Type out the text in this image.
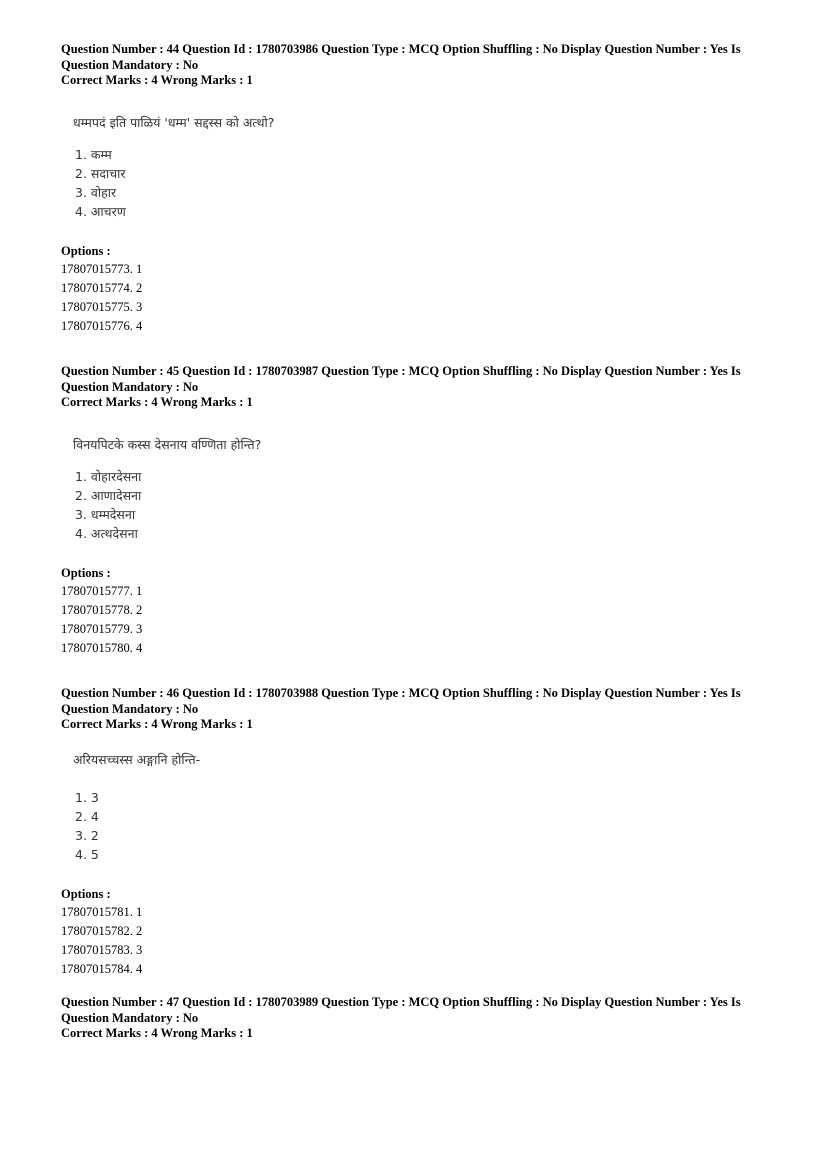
Question Number : 44 Question Id : 1780703986 Question Type : MCQ Option Shuffling : No Display Question Number : Yes Is
Question Mandatory : No
Correct Marks : 4 Wrong Marks : 1
धम्मपदं इति पाळियं 'धम्म' सद्दस्स को अत्थो?
1. कम्म
2. सदाचार
3. वोहार
4. आचरण
Options :
17807015773. 1
17807015774. 2
17807015775. 3
17807015776. 4
Question Number : 45 Question Id : 1780703987 Question Type : MCQ Option Shuffling : No Display Question Number : Yes Is
Question Mandatory : No
Correct Marks : 4 Wrong Marks : 1
विनयपिटके कस्स देसनाय वण्णिता होन्ति?
1. वोहारदेसना
2. आणादेसना
3. धम्मदेसना
4. अत्थदेसना
Options :
17807015777. 1
17807015778. 2
17807015779. 3
17807015780. 4
Question Number : 46 Question Id : 1780703988 Question Type : MCQ Option Shuffling : No Display Question Number : Yes Is
Question Mandatory : No
Correct Marks : 4 Wrong Marks : 1
अरियसच्चस्स अङ्गानि होन्ति-
1. 3
2. 4
3. 2
4. 5
Options :
17807015781. 1
17807015782. 2
17807015783. 3
17807015784. 4
Question Number : 47 Question Id : 1780703989 Question Type : MCQ Option Shuffling : No Display Question Number : Yes Is
Question Mandatory : No
Correct Marks : 4 Wrong Marks : 1
